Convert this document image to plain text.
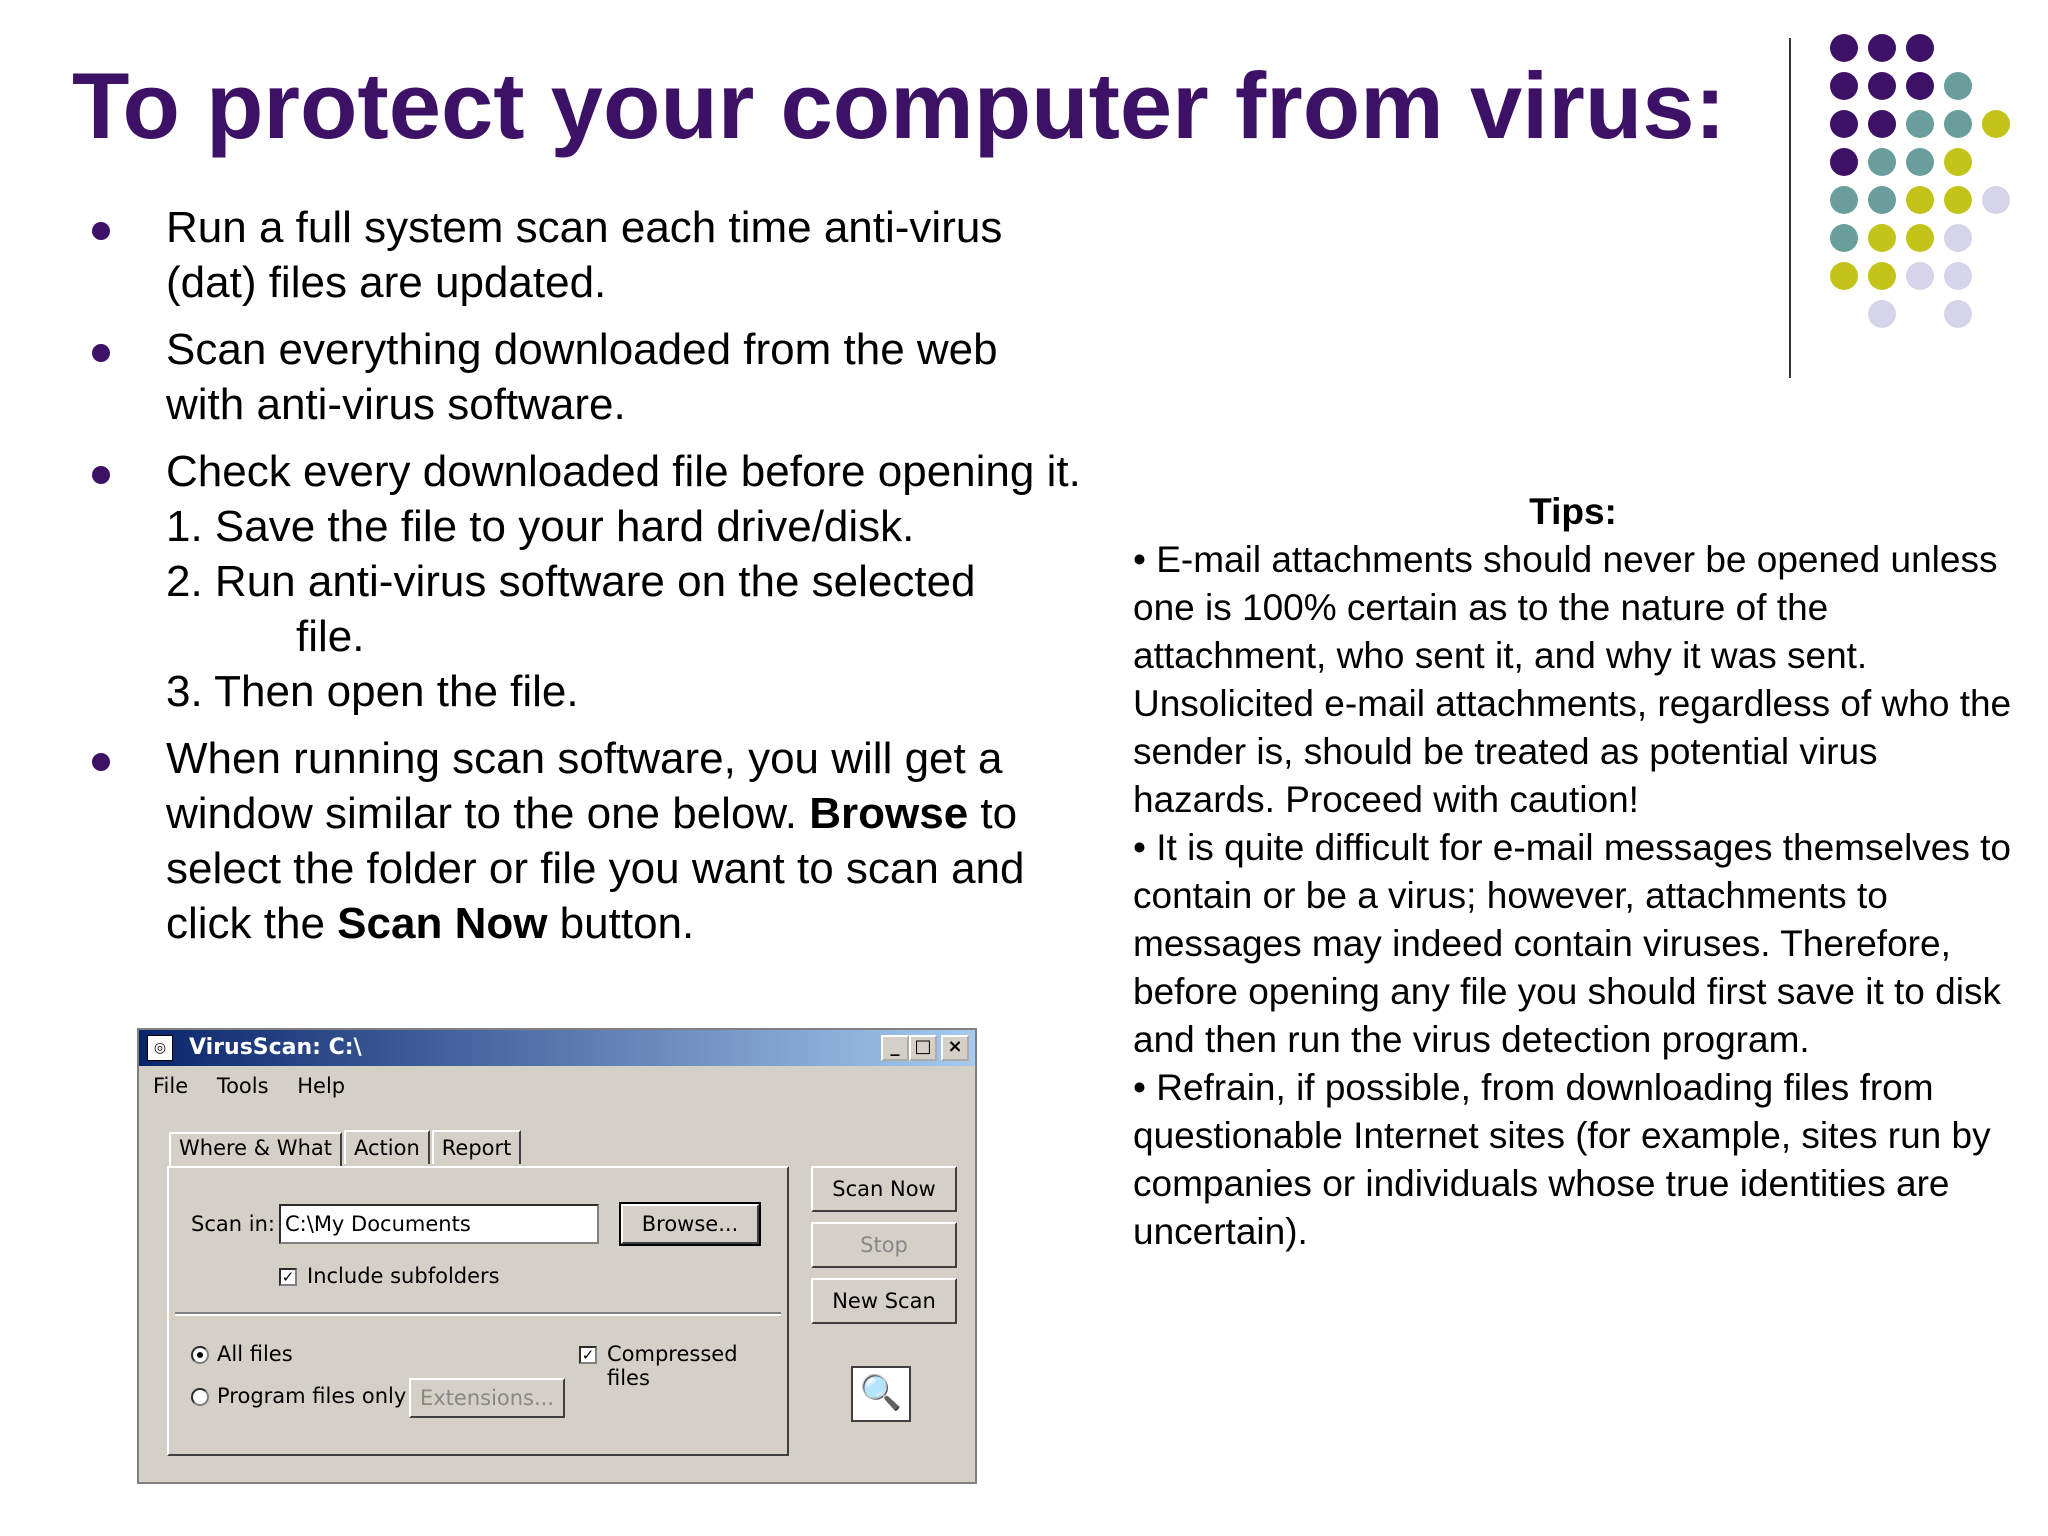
To protect your computer from virus:
Run a full system scan each time anti-virus (dat) files are updated.
Scan everything downloaded from the web with anti-virus software.
Check every downloaded file before opening it.
1. Save the file to your hard drive/disk.
2. Run anti-virus software on the selected
file.
3. Then open the file.
When running scan software, you will get a window similar to the one below. Browse to select the folder or file you want to scan and click the Scan Now button.
Tips:
• E-mail attachments should never be opened unless one is 100% certain as to the nature of the attachment, who sent it, and why it was sent.
Unsolicited e-mail attachments, regardless of who the sender is, should be treated as potential virus hazards. Proceed with caution!
• It is quite difficult for e-mail messages themselves to contain or be a virus; however, attachments to messages may indeed contain viruses. Therefore, before opening any file you should first save it to disk and then run the virus detection program.
• Refrain, if possible, from downloading files from questionable Internet sites (for example, sites run by companies or individuals whose true identities are uncertain).
◎	VirusScan: C:\	_ □ ×
File Tools Help
Where & What Action Report
Scan in: C:\My Documents	Browse...
✓ Include subfolders
All files	✓ Compressed files
Program files only Extensions...
Scan Now
Stop
New Scan
🔍
